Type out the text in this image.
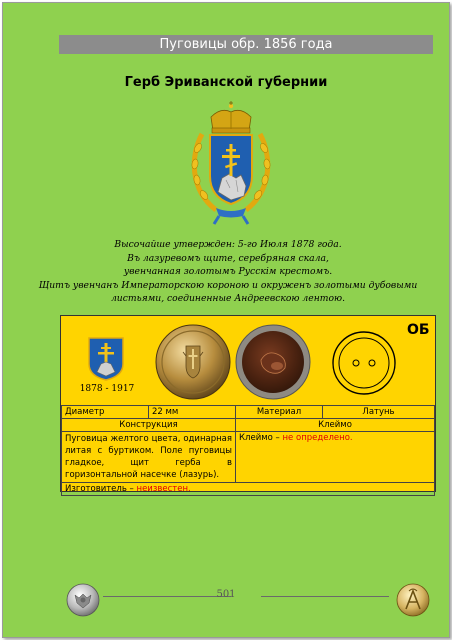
Пуговицы обр. 1856 года
Герб Эриванской губернии
Высочайше утвержден: 5-го Июля 1878 года.
Въ лазуревомъ щите, серебряная скала,
увенчанная золотымъ Русскiм крестомъ.
Щитъ увенчанъ Императорскою короною и окруженъ золотыми дубовыми
листьями, соединенные Андреевскою лентою.
1878 - 1917
ОБ
Диаметр	22 мм	Материал	Латунь
Конструкция		Клеймо	
Пуговица желтого цвета, одинарная литая с буртиком. Поле пуговицы гладкое, щит герба в горизонтальной насечке (лазурь).		Клеймо – не определено.	
Изготовитель – неизвестен.			
501
